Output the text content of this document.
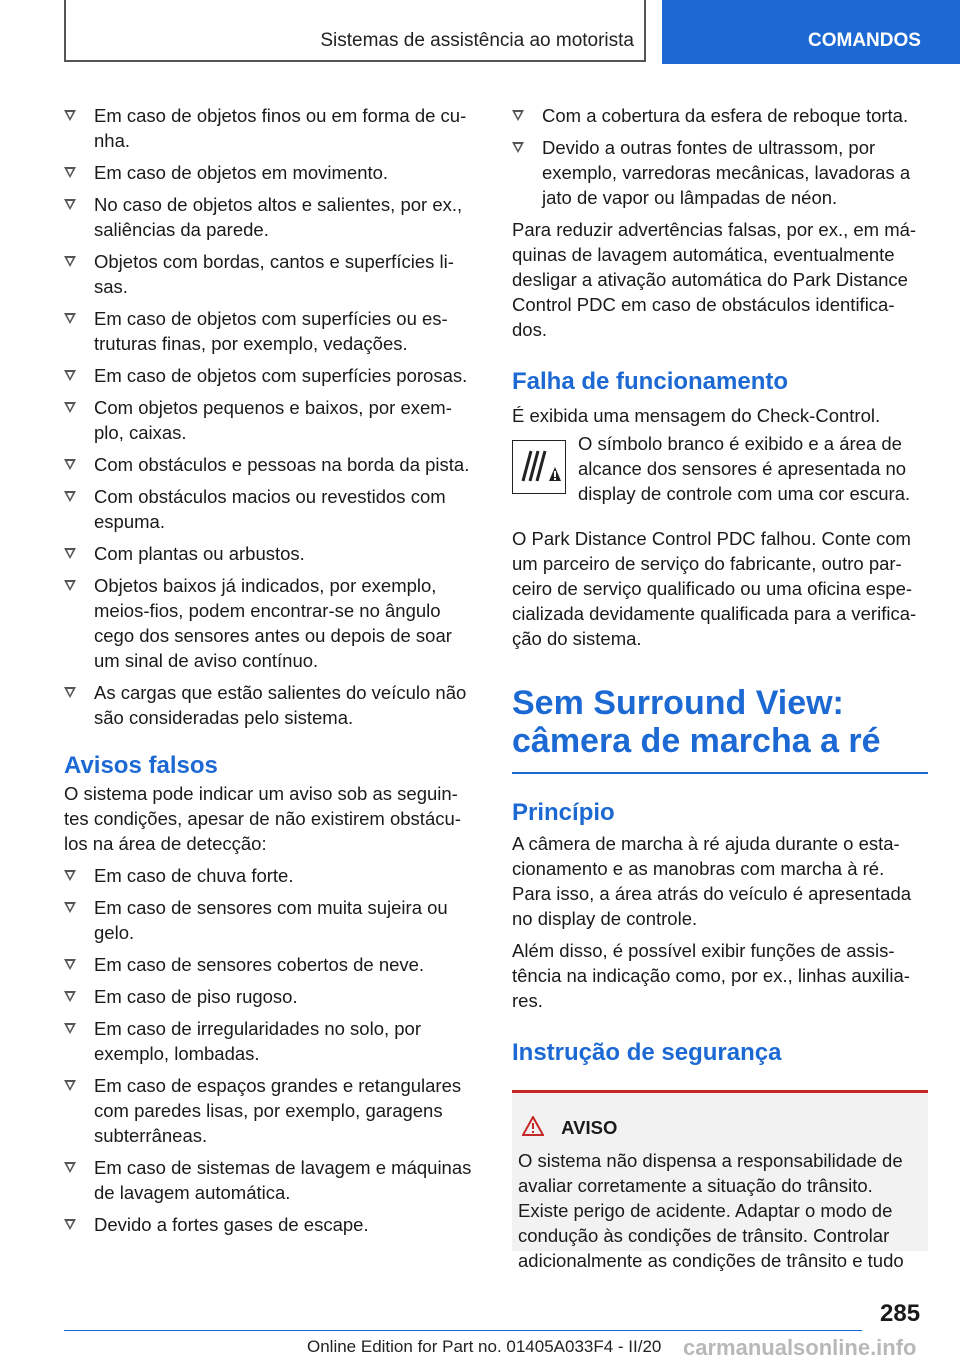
Sistemas de assistência ao motorista	COMANDOS
Em caso de objetos finos ou em forma de cu-
nha.
Em caso de objetos em movimento.
No caso de objetos altos e salientes, por ex.,
saliências da parede.
Objetos com bordas, cantos e superfícies li-
sas.
Em caso de objetos com superfícies ou es-
truturas finas, por exemplo, vedações.
Em caso de objetos com superfícies porosas.
Com objetos pequenos e baixos, por exem-
plo, caixas.
Com obstáculos e pessoas na borda da pista.
Com obstáculos macios ou revestidos com
espuma.
Com plantas ou arbustos.
Objetos baixos já indicados, por exemplo,
meios-fios, podem encontrar-se no ângulo
cego dos sensores antes ou depois de soar
um sinal de aviso contínuo.
As cargas que estão salientes do veículo não
são consideradas pelo sistema.
Avisos falsos

O sistema pode indicar um aviso sob as seguin-
tes condições, apesar de não existirem obstácu-
los na área de detecção:

Em caso de chuva forte.
Em caso de sensores com muita sujeira ou
gelo.
Em caso de sensores cobertos de neve.
Em caso de piso rugoso.
Em caso de irregularidades no solo, por
exemplo, lombadas.
Em caso de espaços grandes e retangulares
com paredes lisas, por exemplo, garagens
subterrâneas.
Em caso de sistemas de lavagem e máquinas
de lavagem automática.
Devido a fortes gases de escape.
Com a cobertura da esfera de reboque torta.
Devido a outras fontes de ultrassom, por
exemplo, varredoras mecânicas, lavadoras a
jato de vapor ou lâmpadas de néon.

Para reduzir advertências falsas, por ex., em má-
quinas de lavagem automática, eventualmente
desligar a ativação automática do Park Distance
Control PDC em caso de obstáculos identifica-
dos.

Falha de funcionamento

É exibida uma mensagem do Check-Control.

O símbolo branco é exibido e a área de
alcance dos sensores é apresentada no
display de controle com uma cor escura.

O Park Distance Control PDC falhou. Conte com
um parceiro de serviço do fabricante, outro par-
ceiro de serviço qualificado ou uma oficina espe-
cializada devidamente qualificada para a verifica-
ção do sistema.

Sem Surround View:
câmera de marcha a ré
Princípio

A câmera de marcha à ré ajuda durante o esta-
cionamento e as manobras com marcha à ré.
Para isso, a área atrás do veículo é apresentada
no display de controle.

Além disso, é possível exibir funções de assis-
tência na indicação como, por ex., linhas auxilia-
res.

Instrução de segurança
AVISO

O sistema não dispensa a responsabilidade de
avaliar corretamente a situação do trânsito.
Existe perigo de acidente. Adaptar o modo de
condução às condições de trânsito. Controlar
adicionalmente as condições de trânsito e tudo

285
Online Edition for Part no. 01405A033F4 - II/20 carmanualsonline.info
